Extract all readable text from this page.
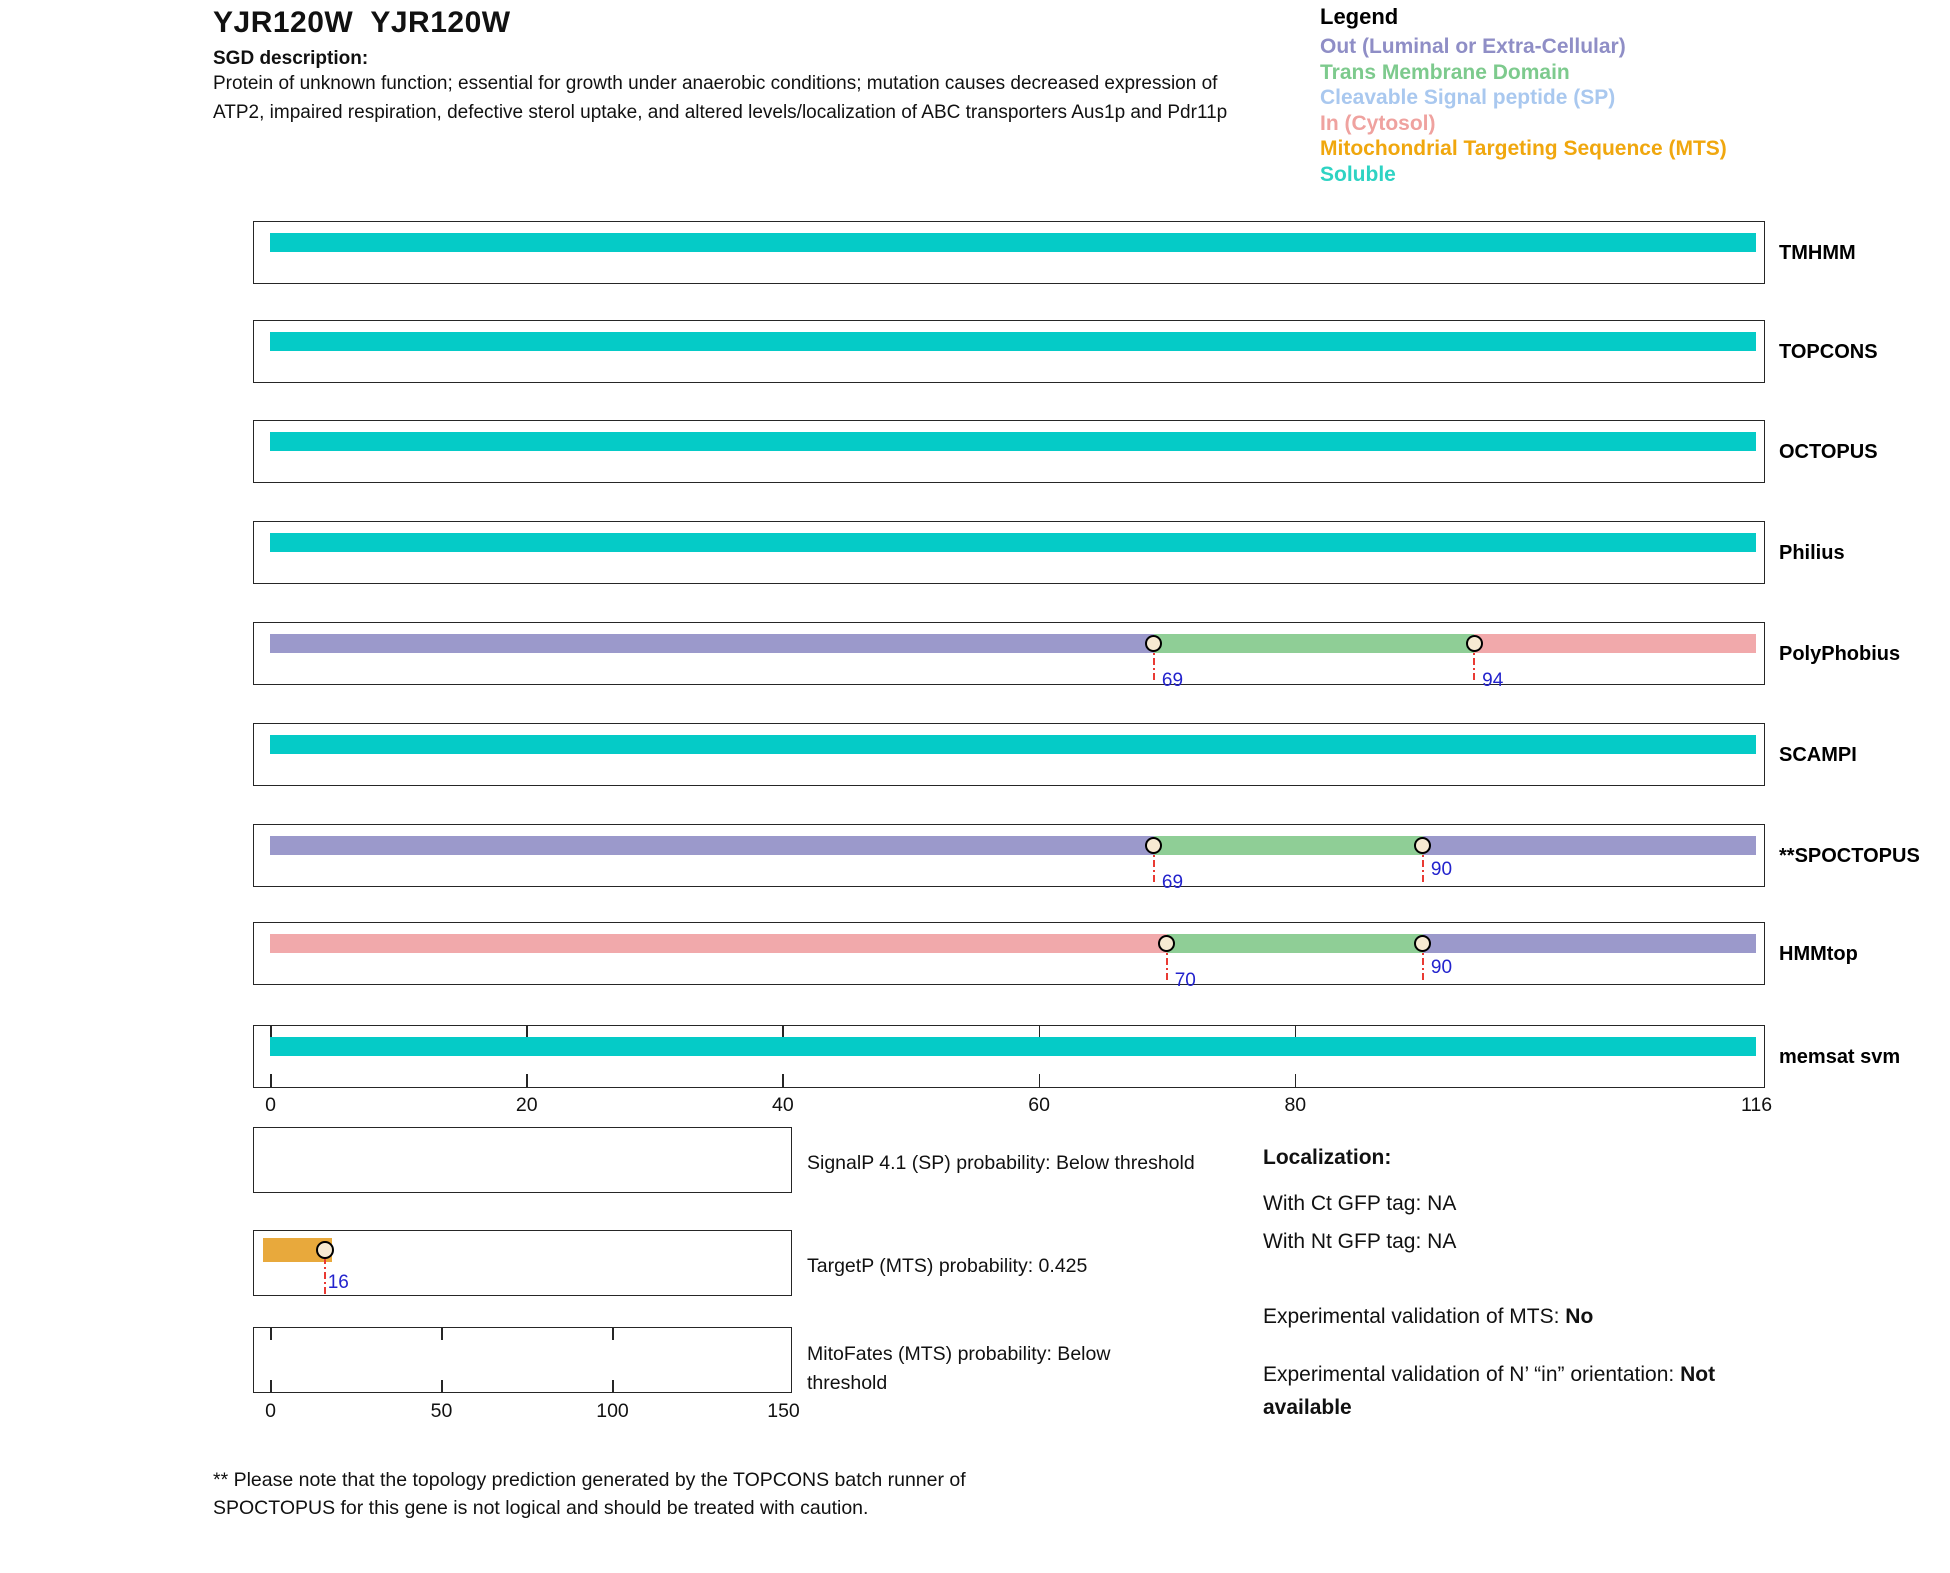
YJR120W  YJR120W
SGD description:
Protein of unknown function; essential for growth under anaerobic conditions; mutation causes decreased expression of ATP2, impaired respiration, defective sterol uptake, and altered levels/localization of ABC transporters Aus1p and Pdr11p
Legend
Out (Luminal or Extra-Cellular)
Trans Membrane Domain
Cleavable Signal peptide (SP)
In (Cytosol)
Mitochondrial Targeting Sequence (MTS)
Soluble
TMHMM
TOPCONS
OCTOPUS
Philius
69	94
PolyPhobius
SCAMPI
69
90
**SPOCTOPUS
70
90
HMMtop
memsat svm
0	20	40	60	80	116
SignalP 4.1 (SP) probability: Below threshold
16
TargetP (MTS) probability: 0.425
MitoFates (MTS) probability: Below
threshold
0	50	100	150
Localization:
With Ct GFP tag: NA
With Nt GFP tag: NA
Experimental validation of MTS: No
Experimental validation of N’ “in” orientation: Not available
** Please note that the topology prediction generated by the TOPCONS batch runner of SPOCTOPUS for this gene is not logical and should be treated with caution.
